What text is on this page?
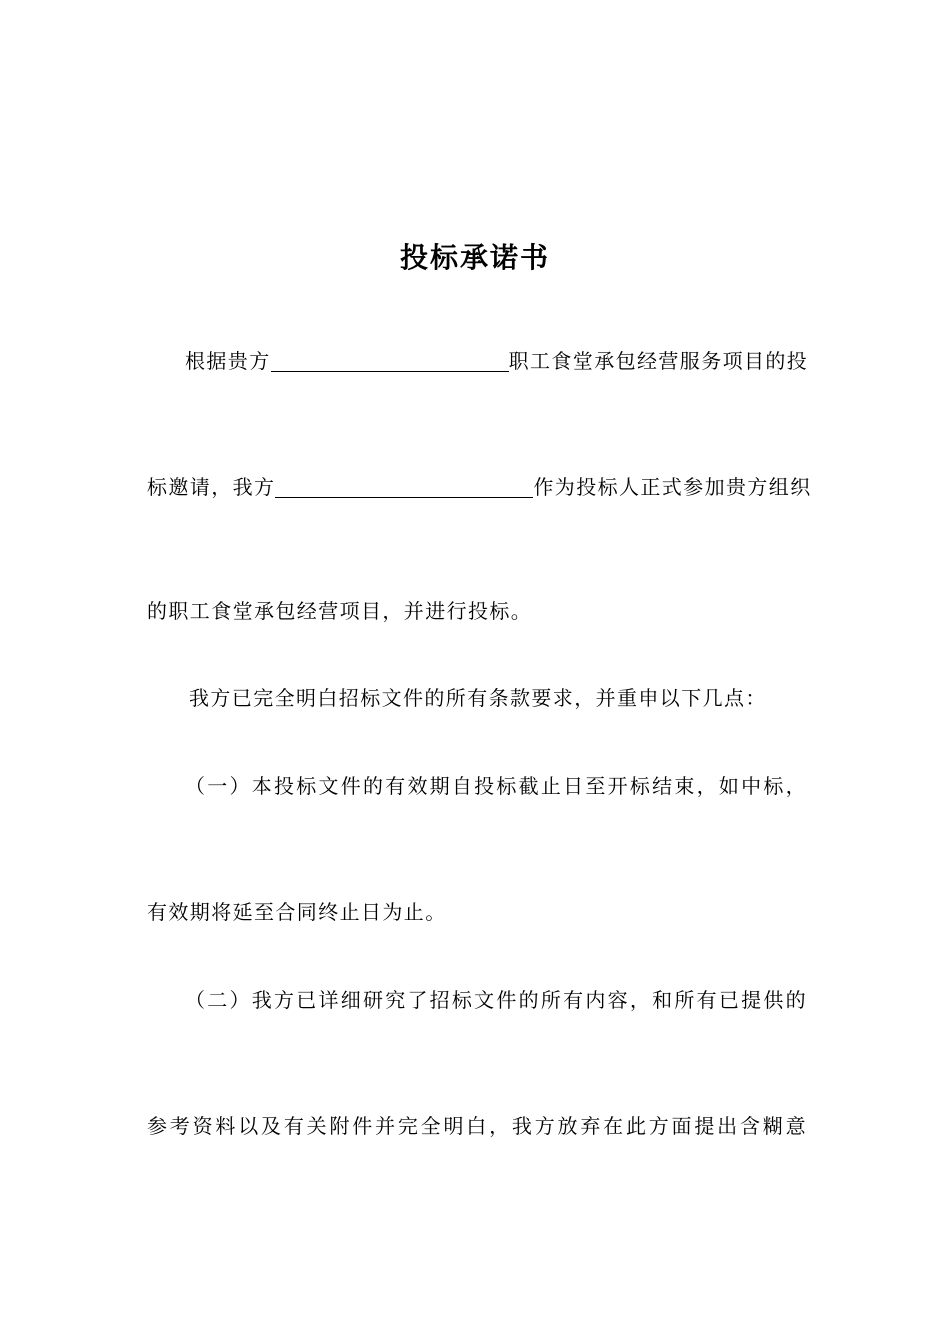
投标承诺书
根据贵方	职工食堂承包经营服务项目的投
标邀请，我方	作为投标人正式参加贵方组织
的职工食堂承包经营项目，并进行投标。
我方已完全明白招标文件的所有条款要求，并重申以下几点：
（一）本投标文件的有效期自投标截止日至开标结束，如中标，
有效期将延至合同终止日为止。
（二）我方已详细研究了招标文件的所有内容，和所有已提供的
参考资料以及有关附件并完全明白，我方放弃在此方面提出含糊意
